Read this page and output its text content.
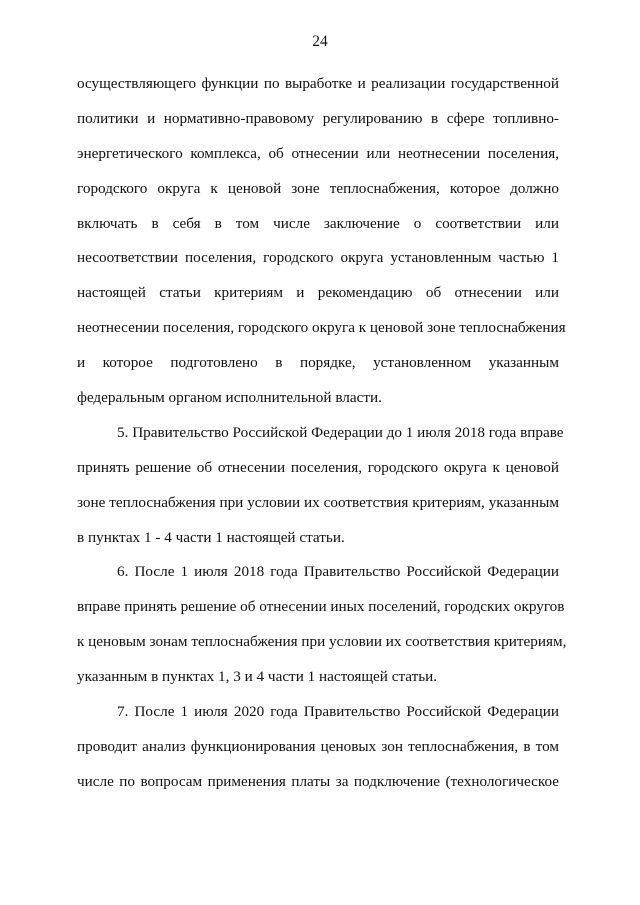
24
осуществляющего функции по выработке и реализации государственной
политики и нормативно-правовому регулированию в сфере топливно-
энергетического комплекса, об отнесении или неотнесении поселения,
городского округа к ценовой зоне теплоснабжения, которое должно
включать в себя в том числе заключение о соответствии или
несоответствии поселения, городского округа установленным частью 1
настоящей статьи критериям и рекомендацию об отнесении или
неотнесении поселения, городского округа к ценовой зоне теплоснабжения
и которое подготовлено в порядке, установленном указанным
федеральным органом исполнительной власти.
5. Правительство Российской Федерации до 1 июля 2018 года вправе
принять решение об отнесении поселения, городского округа к ценовой
зоне теплоснабжения при условии их соответствия критериям, указанным
в пунктах 1 - 4 части 1 настоящей статьи.
6. После 1 июля 2018 года Правительство Российской Федерации
вправе принять решение об отнесении иных поселений, городских округов
к ценовым зонам теплоснабжения при условии их соответствия критериям,
указанным в пунктах 1, 3 и 4 части 1 настоящей статьи.
7. После 1 июля 2020 года Правительство Российской Федерации
проводит анализ функционирования ценовых зон теплоснабжения, в том
числе по вопросам применения платы за подключение (технологическое
